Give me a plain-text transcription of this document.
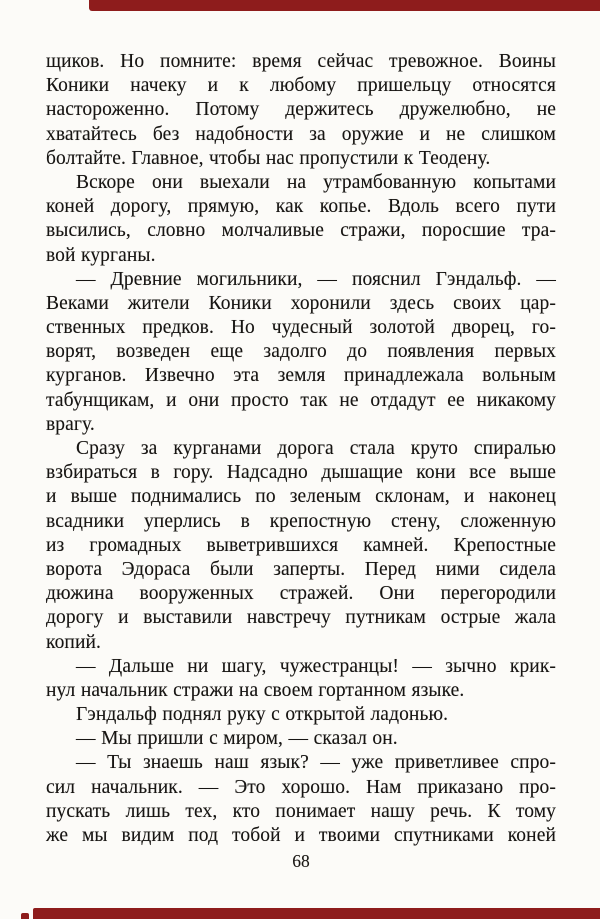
щиков. Но помните: время сейчас тревожное. Воины
Коники начеку и к любому пришельцу относятся
настороженно. Потому держитесь дружелюбно, не
хватайтесь без надобности за оружие и не слишком
болтайте. Главное, чтобы нас пропустили к Теодену.
Вскоре они выехали на утрамбованную копытами
коней дорогу, прямую, как копье. Вдоль всего пути
высились, словно молчаливые стражи, поросшие тра-
вой курганы.
— Древние могильники, — пояснил Гэндальф. —
Веками жители Коники хоронили здесь своих цар-
ственных предков. Но чудесный золотой дворец, го-
ворят, возведен еще задолго до появления первых
курганов. Извечно эта земля принадлежала вольным
табунщикам, и они просто так не отдадут ее никакому
врагу.
Сразу за курганами дорога стала круто спиралью
взбираться в гору. Надсадно дышащие кони все выше
и выше поднимались по зеленым склонам, и наконец
всадники уперлись в крепостную стену, сложенную
из громадных выветрившихся камней. Крепостные
ворота Эдораса были заперты. Перед ними сидела
дюжина вооруженных стражей. Они перегородили
дорогу и выставили навстречу путникам острые жала
копий.
— Дальше ни шагу, чужестранцы! — зычно крик-
нул начальник стражи на своем гортанном языке.
Гэндальф поднял руку с открытой ладонью.
— Мы пришли с миром, — сказал он.
— Ты знаешь наш язык? — уже приветливее спро-
сил начальник. — Это хорошо. Нам приказано про-
пускать лишь тех, кто понимает нашу речь. К тому
же мы видим под тобой и твоими спутниками коней
68
